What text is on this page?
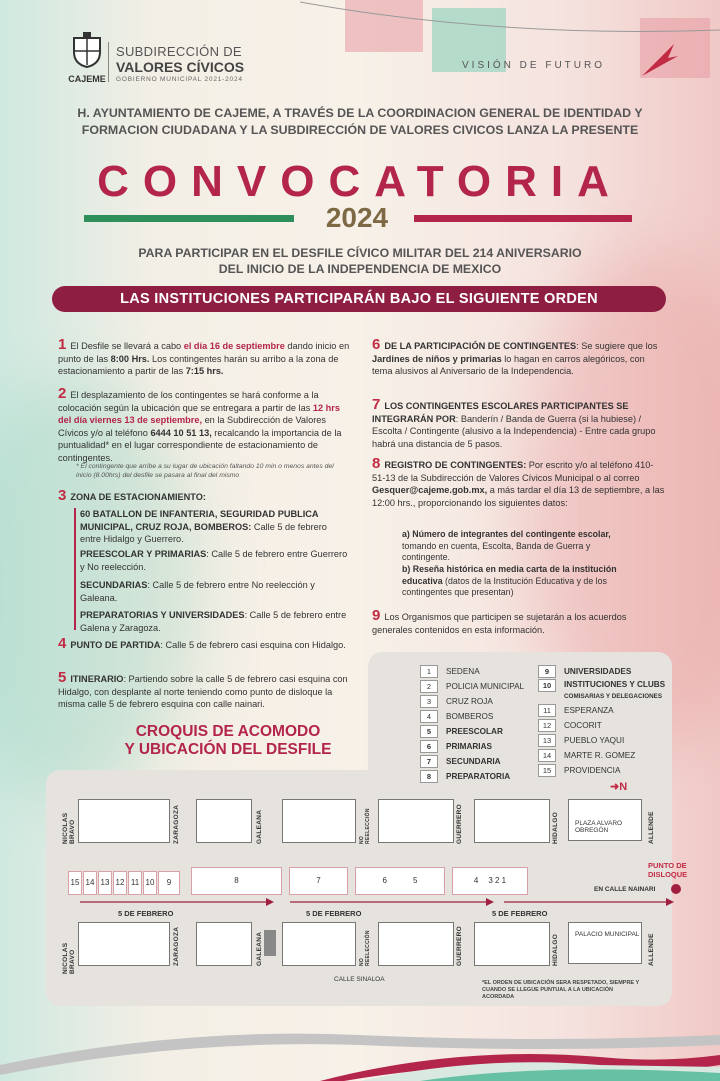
CAJEME
SUBDIRECCIÓN DE
VALORES CÍVICOS
GOBIERNO MUNICIPAL 2021-2024
VISIÓN DE FUTURO
H. AYUNTAMIENTO DE CAJEME, A TRAVÉS DE LA COORDINACION GENERAL DE IDENTIDAD Y FORMACION CIUDADANA Y LA SUBDIRECCIÓN DE VALORES CIVICOS LANZA LA PRESENTE
CONVOCATORIA
2024
PARA PARTICIPAR EN EL DESFILE CÍVICO MILITAR DEL 214 ANIVERSARIO DEL INICIO DE LA INDEPENDENCIA DE MEXICO
LAS INSTITUCIONES PARTICIPARÁN BAJO EL SIGUIENTE ORDEN
1 El Desfile se llevará a cabo el día 16 de septiembre dando inicio en punto de las 8:00 Hrs. Los contingentes harán su arribo a la zona de estacionamiento a partir de las 7:15 hrs.
2 El desplazamiento de los contingentes se hará conforme a la colocación según la ubicación que se entregara a partir de las 12 hrs del día viernes 13 de septiembre, en la Subdirección de Valores Cívicos y/o al teléfono 6444 10 51 13, recalcando la importancia de la puntualidad* en el lugar correspondiente de estacionamiento de contingentes.
* El contingente que arribe a su lugar de ubicación faltando 10 min o menos antes del inicio (8.00hrs) del desfile se pasara al final del mismo
3 ZONA DE ESTACIONAMIENTO:
60 BATALLON DE INFANTERIA, SEGURIDAD PUBLICA MUNICIPAL, CRUZ ROJA, BOMBEROS: Calle 5 de febrero entre Hidalgo y Guerrero.
PREESCOLAR Y PRIMARIAS: Calle 5 de febrero entre Guerrero y No reelección.
SECUNDARIAS: Calle 5 de febrero entre No reelección y Galeana.
PREPARATORIAS Y UNIVERSIDADES: Calle 5 de febrero entre Galena y Zaragoza.
4 PUNTO DE PARTIDA: Calle 5 de febrero casi esquina con Hidalgo.
5 ITINERARIO: Partiendo sobre la calle 5 de febrero casi esquina con Hidalgo, con desplante al norte teniendo como punto de disloque la misma calle 5 de febrero esquina con calle nainari.
6 DE LA PARTICIPACIÓN DE CONTINGENTES: Se sugiere que los Jardines de niños y primarias lo hagan en carros alegóricos, con tema alusivos al Aniversario de la Independencia.
7 LOS CONTINGENTES ESCOLARES PARTICIPANTES SE INTEGRARÁN POR: Banderín / Banda de Guerra (si la hubiese) / Escolta / Contingente (alusivo a la Independencia) - Entre cada grupo habrá una distancia de 5 pasos.
8 REGISTRO DE CONTINGENTES: Por escrito y/o al teléfono 410-51-13 de la Subdirección de Valores Cívicos Municipal o al correo Gesquer@cajeme.gob.mx, a más tardar el día 13 de septiembre, a las 12:00 hrs., proporcionando los siguientes datos:
a) Número de integrantes del contingente escolar, tomando en cuenta, Escolta, Banda de Guerra y contingente.
b) Reseña histórica en media carta de la institución educativa (datos de la Institución Educativa y de los contingentes que presentan)
9 Los Organismos que participen se sujetarán a los acuerdos generales contenidos en esta información.
CROQUIS DE ACOMODO
Y UBICACIÓN DEL DESFILE
1 SEDENA
2 POLICIA MUNICIPAL
3 CRUZ ROJA
4 BOMBEROS
5 PREESCOLAR
6 PRIMARIAS
7 SECUNDARIA
8 PREPARATORIA
9 UNIVERSIDADES
10 INSTITUCIONES Y CLUBS
COMISARIAS Y DELEGACIONES
11 ESPERANZA
12 COCORIT
13 PUEBLO YAQUI
14 MARTE R. GOMEZ
15 PROVIDENCIA
➜N
PLAZA ALVARO OBREGÓN
PALACIO MUNICIPAL
NICOLAS BRAVO	ZARAGOZA	GALEANA	NO REELECCIÓN	GUERRERO	HIDALGO	ALLENDE
NICOLAS BRAVO	ZARAGOZA	GALEANA	NO REELECCIÓN	GUERRERO	HIDALGO	ALLENDE
15 14 13 12 11 10	9	8	7	6	5	4 3 2 1
5 DE FEBRERO	5 DE FEBRERO	5 DE FEBRERO
PUNTO DE DISLOQUE
EN CALLE NAINARI
CALLE SINALOA	*EL ORDEN DE UBICACIÓN SERA RESPETADO, SIEMPRE Y CUANDO SE LLEGUE PUNTUAL A LA UBICACIÓN ACORDADA
